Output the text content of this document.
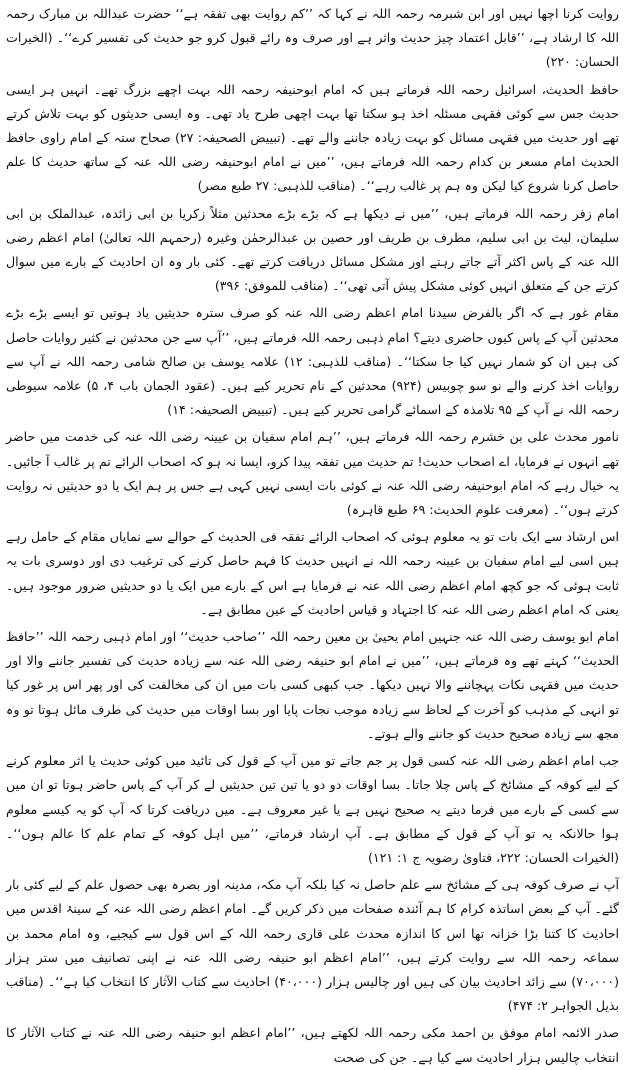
روایت کرنا اچھا نہیں اور ابن شبرمہ رحمہ اللہ نے کہا کہ ’’کم روایت بھی تفقہ ہے‘‘ حضرت عبداللہ بن مبارک رحمہ اللہ کا ارشاد ہے، ’’قابل اعتماد چیز حدیث واثر ہے اور صرف وہ رائے قبول کرو جو حدیث کی تفسیر کرے‘‘۔ (الخیرات الحسان: ۲۲۰)

حافظ الحدیث، اسرائیل رحمہ اللہ فرماتے ہیں کہ امام ابوحنیفہ رحمہ اللہ بہت اچھے بزرگ تھے۔ انہیں ہر ایسی حدیث جس سے کوئی فقہی مسئلہ اخذ ہو سکتا تھا بہت اچھی طرح یاد تھی۔ وہ ایسی حدیثوں کو بہت تلاش کرتے تھے اور حدیث میں فقہی مسائل کو بہت زیادہ جاننے والے تھے۔ (تبییض الصحیفہ: ۲۷) صحاح ستہ کے امام راوی حافظ الحدیث امام مسعر بن کدام رحمہ اللہ فرماتے ہیں، ’’میں نے امام ابوحنیفہ رضی اللہ عنہ کے ساتھ حدیث کا علم حاصل کرنا شروع کیا لیکن وہ ہم پر غالب رہے‘‘۔ (مناقب للذہبی: ۲۷ طبع مصر)

امام زفر رحمہ اللہ فرماتے ہیں، ’’میں نے دیکھا ہے کہ بڑے بڑے محدثین مثلاً زکریا بن ابی زائدہ، عبدالملک بن ابی سلیمان، لیث بن ابی سلیم، مطرف بن طریف اور حصین بن عبدالرحمٰن وغیرہ (رحمہم اللہ تعالیٰ) امام اعظم رضی اللہ عنہ کے پاس اکثر آتے جاتے رہتے اور مشکل مسائل دریافت کرتے تھے۔ کئی بار وہ ان احادیث کے بارے میں سوال کرتے جن کے متعلق انہیں کوئی مشکل پیش آتی تھی‘‘۔ (مناقب للموفق: ۳۹۶)

مقام غور ہے کہ اگر بالفرض سیدنا امام اعظم رضی اللہ عنہ کو صرف سترہ حدیثیں یاد ہوتیں تو ایسے بڑے بڑے محدثین آپ کے پاس کیوں حاضری دیتے؟ امام ذہبی رحمہ اللہ فرماتے ہیں، ’’آپ سے جن محدثین نے کثیر روایات حاصل کی ہیں ان کو شمار نہیں کیا جا سکتا‘‘۔ (مناقب للذہبی: ۱۲) علامہ یوسف بن صالح شامی رحمہ اللہ نے آپ سے روایات اخذ کرنے والے نو سو چوبیس (۹۲۴) محدثین کے نام تحریر کیے ہیں۔ (عقود الجمان باب ۴، ۵) علامہ سیوطی رحمہ اللہ نے آپ کے ۹۵ تلامذہ کے اسمائے گرامی تحریر کیے ہیں۔ (تبییض الصحیفہ: ۱۴)

نامور محدث علی بن خشرم رحمہ اللہ فرماتے ہیں، ’’ہم امام سفیان بن عیینہ رضی اللہ عنہ کی خدمت میں حاضر تھے انہوں نے فرمایا، اے اصحاب حدیث! تم حدیث میں تفقہ پیدا کرو، ایسا نہ ہو کہ اصحاب الرائے تم پر غالب آ جائیں۔ یہ خیال رہے کہ امام ابوحنیفہ رضی اللہ عنہ نے کوئی بات ایسی نہیں کہی ہے جس پر ہم ایک یا دو حدیثیں نہ روایت کرتے ہوں‘‘۔ (معرفت علوم الحدیث: ۶۹ طبع قاہرہ)

اس ارشاد سے ایک بات تو یہ معلوم ہوئی کہ اصحاب الرائے تفقہ فی الحدیث کے حوالے سے نمایاں مقام کے حامل رہے ہیں اسی لیے امام سفیان بن عیینہ رحمہ اللہ نے انہیں حدیث کا فہم حاصل کرنے کی ترغیب دی اور دوسری بات یہ ثابت ہوئی کہ جو کچھ امام اعظم رضی اللہ عنہ نے فرمایا ہے اس کے بارے میں ایک یا دو حدیثیں ضرور موجود ہیں۔ یعنی کہ امام اعظم رضی اللہ عنہ کا اجتہاد و قیاس احادیث کے عین مطابق ہے۔

امام ابو یوسف رضی اللہ عنہ جنہیں امام یحییٰ بن معین رحمہ اللہ ’’صاحب حدیث‘‘ اور امام ذہبی رحمہ اللہ ’’حافظ الحدیث‘‘ کہتے تھے وہ فرماتے ہیں، ’’میں نے امام ابو حنیفہ رضی اللہ عنہ سے زیادہ حدیث کی تفسیر جاننے والا اور حدیث میں فقہی نکات پہچاننے والا نہیں دیکھا۔ جب کبھی کسی بات میں ان کی مخالفت کی اور پھر اس پر غور کیا تو انہی کے مذہب کو آخرت کے لحاظ سے زیادہ موجب نجات پایا اور بسا اوقات میں حدیث کی طرف مائل ہوتا تو وہ مجھ سے زیادہ صحیح حدیث کو جاننے والے ہوتے۔

جب امام اعظم رضی اللہ عنہ کسی قول پر جم جاتے تو میں آپ کے قول کی تائید میں کوئی حدیث یا اثر معلوم کرنے کے لیے کوفہ کے مشائخ کے پاس چلا جاتا۔ بسا اوقات دو دو یا تین تین حدیثیں لے کر آپ کے پاس حاضر ہوتا تو ان میں سے کسی کے بارے میں فرما دیتے یہ صحیح نہیں ہے یا غیر معروف ہے۔ میں دریافت کرتا کہ آپ کو یہ کیسے معلوم ہوا حالانکہ یہ تو آپ کے قول کے مطابق ہے۔ آپ ارشاد فرماتے، ’’میں اہل کوفہ کے تمام علم کا عالم ہوں‘‘۔ (الخیرات الحسان: ۲۲۲، فتاویٰ رضویہ ج ۱: ۱۲۱)

آپ نے صرف کوفہ ہی کے مشائخ سے علم حاصل نہ کیا بلکہ آپ مکہ، مدینہ اور بصرہ بھی حصول علم کے لیے کئی بار گئے۔ آپ کے بعض اساتذہ کرام کا ہم آئندہ صفحات میں ذکر کریں گے۔ امام اعظم رضی اللہ عنہ کے سینۂ اقدس میں احادیث کا کتنا بڑا خزانہ تھا اس کا اندازہ محدث علی قاری رحمہ اللہ کے اس قول سے کیجیے، وہ امام محمد بن سماعہ رحمہ اللہ سے روایت کرتے ہیں، ’’امام اعظم ابو حنیفہ رضی اللہ عنہ نے اپنی تصانیف میں ستر ہزار (۷۰،۰۰۰) سے زائد احادیث بیان کی ہیں اور چالیس ہزار (۴۰،۰۰۰) احادیث سے کتاب الآثار کا انتخاب کیا ہے‘‘۔ (مناقب بذیل الجواہر ۲: ۴۷۴)

صدر الائمہ امام موفق بن احمد مکی رحمہ اللہ لکھتے ہیں، ’’امام اعظم ابو حنیفہ رضی اللہ عنہ نے کتاب الآثار کا انتخاب چالیس ہزار احادیث سے کیا ہے۔ جن کی صحت
